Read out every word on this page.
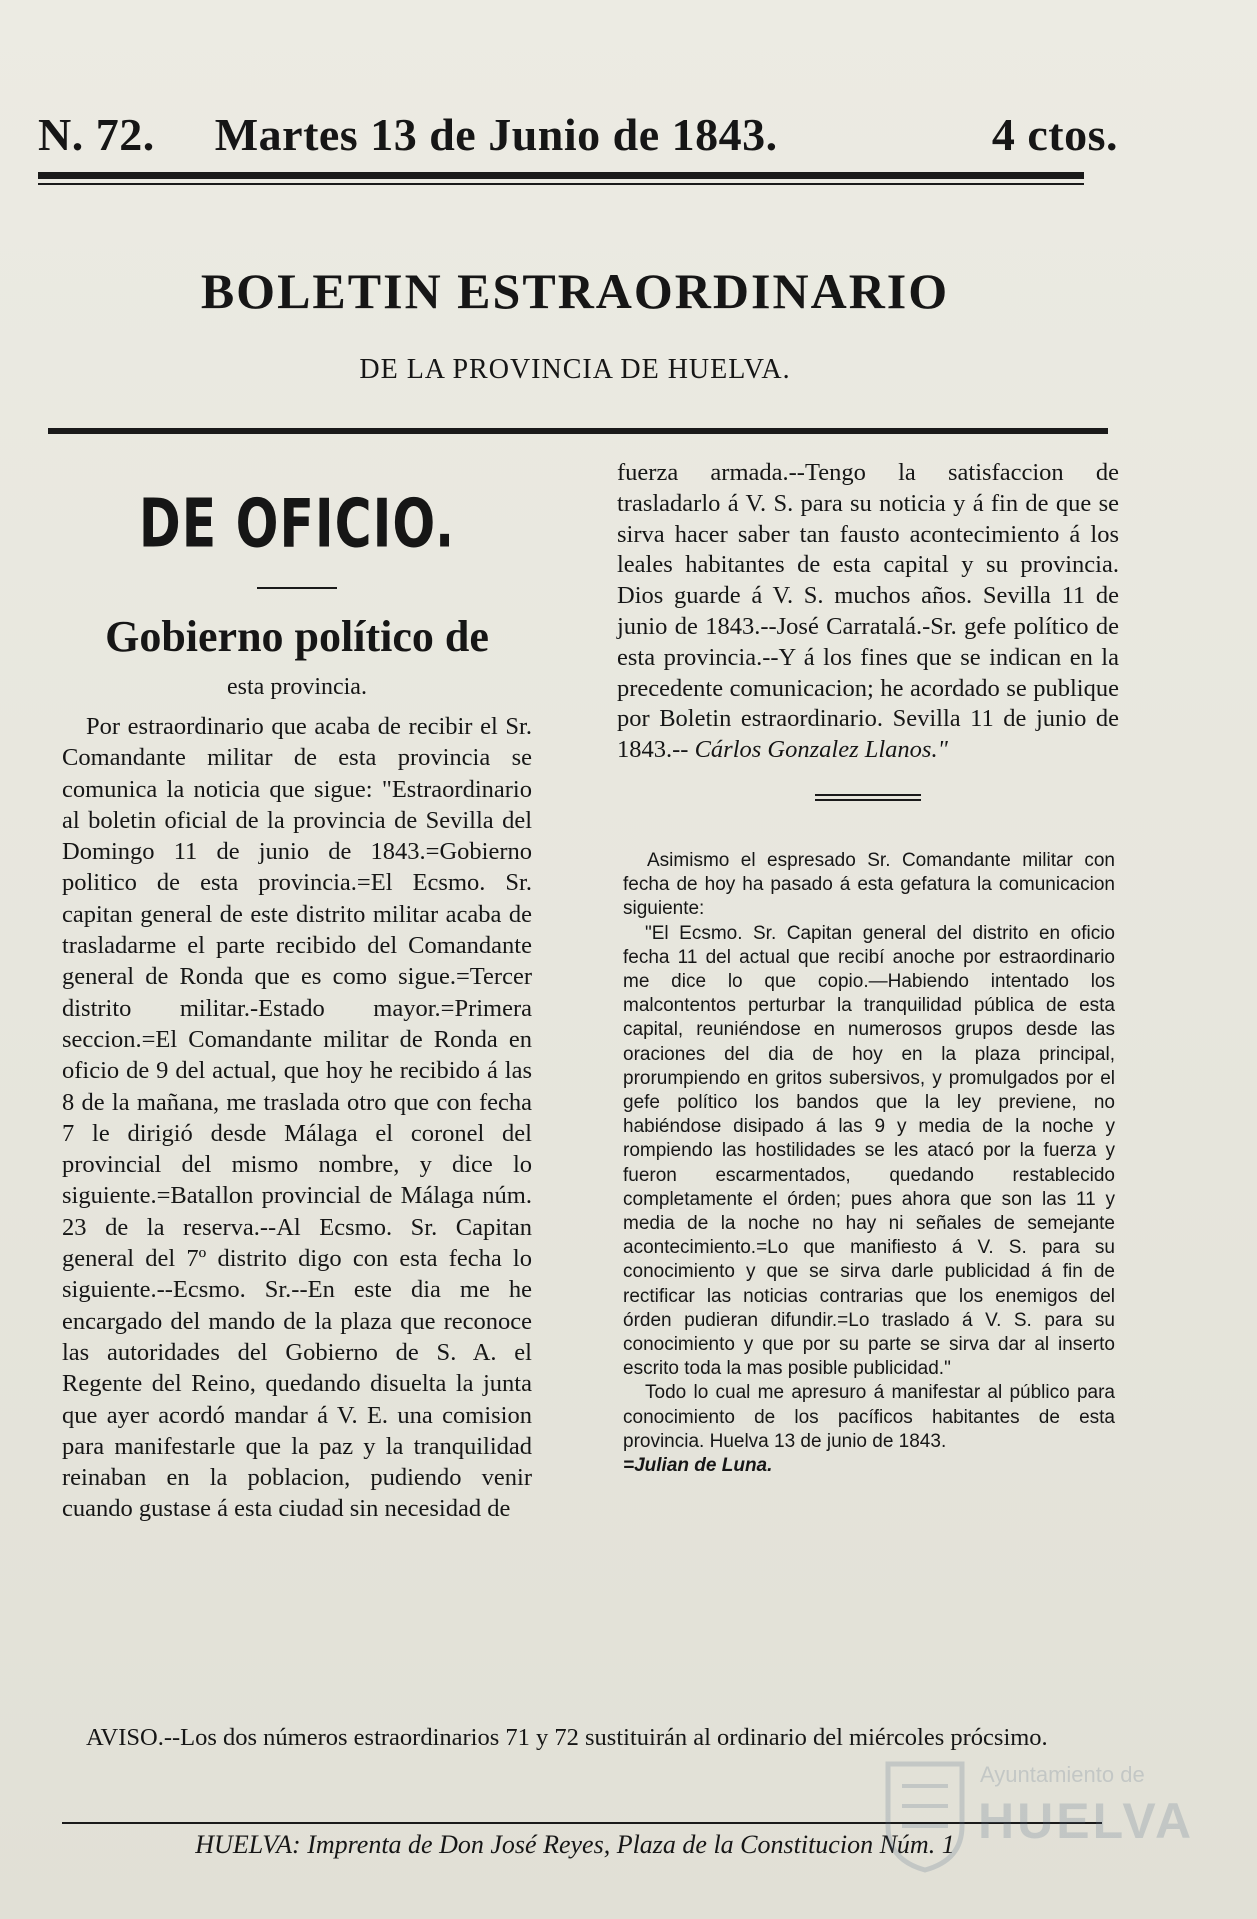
N. 72. Martes 13 de Junio de 1843.	4 ctos.
BOLETIN ESTRAORDINARIO
DE LA PROVINCIA DE HUELVA.
DE OFICIO.
Gobierno político de
esta provincia.

Por estraordinario que acaba de recibir el Sr. Comandante militar de esta provincia se comunica la noticia que sigue: "Estraordinario al boletin oficial de la provincia de Sevilla del Domingo 11 de junio de 1843.=Gobierno politico de esta provincia.=El Ecsmo. Sr. capitan general de este distrito militar acaba de trasladarme el parte recibido del Comandante general de Ronda que es como sigue.=Tercer distrito militar.-Estado mayor.=Primera seccion.=El Comandante militar de Ronda en oficio de 9 del actual, que hoy he recibido á las 8 de la mañana, me traslada otro que con fecha 7 le dirigió desde Málaga el coronel del provincial del mismo nombre, y dice lo siguiente.=Batallon provincial de Málaga núm. 23 de la reserva.--Al Ecsmo. Sr. Capitan general del 7º distrito digo con esta fecha lo siguiente.--Ecsmo. Sr.--En este dia me he encargado del mando de la plaza que reconoce las autoridades del Gobierno de S. A. el Regente del Reino, quedando disuelta la junta que ayer acordó mandar á V. E. una comision para manifestarle que la paz y la tranquilidad reinaban en la poblacion, pudiendo venir cuando gustase á esta ciudad sin necesidad de

fuerza armada.--Tengo la satisfaccion de trasladarlo á V. S. para su noticia y á fin de que se sirva hacer saber tan fausto acontecimiento á los leales habitantes de esta capital y su provincia. Dios guarde á V. S. muchos años. Sevilla 11 de junio de 1843.--José Carratalá.-Sr. gefe político de esta provincia.--Y á los fines que se indican en la precedente comunicacion; he acordado se publique por Boletin estraordinario. Sevilla 11 de junio de 1843.-- Cárlos Gonzalez Llanos."

Asimismo el espresado Sr. Comandante militar con fecha de hoy ha pasado á esta gefatura la comunicacion siguiente:

"El Ecsmo. Sr. Capitan general del distrito en oficio fecha 11 del actual que recibí anoche por estraordinario me dice lo que copio.—Habiendo intentado los malcontentos perturbar la tranquilidad pública de esta capital, reuniéndose en numerosos grupos desde las oraciones del dia de hoy en la plaza principal, prorumpiendo en gritos subersivos, y promulgados por el gefe político los bandos que la ley previene, no habiéndose disipado á las 9 y media de la noche y rompiendo las hostilidades se les atacó por la fuerza y fueron escarmentados, quedando restablecido completamente el órden; pues ahora que son las 11 y media de la noche no hay ni señales de semejante acontecimiento.=Lo que manifiesto á V. S. para su conocimiento y que se sirva darle publicidad á fin de rectificar las noticias contrarias que los enemigos del órden pudieran difundir.=Lo traslado á V. S. para su conocimiento y que por su parte se sirva dar al inserto escrito toda la mas posible publicidad."

Todo lo cual me apresuro á manifestar al público para conocimiento de los pacíficos habitantes de esta provincia. Huelva 13 de junio de 1843.
=Julian de Luna.

AVISO.--Los dos números estraordinarios 71 y 72 sustituirán al ordinario del miércoles prócsimo.

HUELVA: Imprenta de Don José Reyes, Plaza de la Constitucion Núm. 1
Ayuntamiento de
HUELVA
